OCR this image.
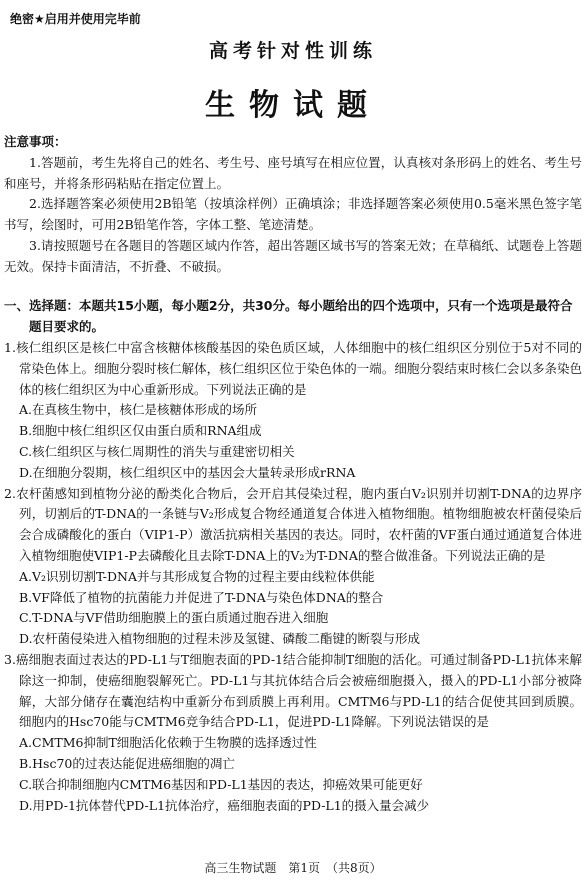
绝密★启用并使用完毕前
高考针对性训练
生物试题
注意事项：

1.答题前，考生先将自己的姓名、考生号、座号填写在相应位置，认真核对条形码上的姓名、考生号和座号，并将条形码粘贴在指定位置上。

2.选择题答案必须使用2B铅笔（按填涂样例）正确填涂；非选择题答案必须使用0.5毫米黑色签字笔书写，绘图时，可用2B铅笔作答，字体工整、笔迹清楚。

3.请按照题号在各题目的答题区域内作答，超出答题区域书写的答案无效；在草稿纸、试题卷上答题无效。保持卡面清洁，不折叠、不破损。

一、选择题：本题共15小题，每小题2分，共30分。每小题给出的四个选项中，只有一个选项是最符合题目要求的。

1.核仁组织区是核仁中富含核糖体核酸基因的染色质区域，人体细胞中的核仁组织区分别位于5对不同的常染色体上。细胞分裂时核仁解体，核仁组织区位于染色体的一端。细胞分裂结束时核仁会以多条染色体的核仁组织区为中心重新形成。下列说法正确的是

A.在真核生物中，核仁是核糖体形成的场所

B.细胞中核仁组织区仅由蛋白质和RNA组成

C.核仁组织区与核仁周期性的消失与重建密切相关

D.在细胞分裂期，核仁组织区中的基因会大量转录形成rRNA

2.农杆菌感知到植物分泌的酚类化合物后，会开启其侵染过程，胞内蛋白V₂识别并切割T-DNA的边界序列，切割后的T-DNA的一条链与V₂形成复合物经通道复合体进入植物细胞。植物细胞被农杆菌侵染后会合成磷酸化的蛋白（VIP1-P）激活抗病相关基因的表达。同时，农杆菌的VF蛋白通过通道复合体进入植物细胞使VIP1-P去磷酸化且去除T-DNA上的V₂为T-DNA的整合做准备。下列说法正确的是

A.V₂识别切割T-DNA并与其形成复合物的过程主要由线粒体供能

B.VF降低了植物的抗菌能力并促进了T-DNA与染色体DNA的整合

C.T-DNA与VF借助细胞膜上的蛋白质通过胞吞进入细胞

D.农杆菌侵染进入植物细胞的过程未涉及氢键、磷酸二酯键的断裂与形成

3.癌细胞表面过表达的PD-L1与T细胞表面的PD-1结合能抑制T细胞的活化。可通过制备PD-L1抗体来解除这一抑制，使癌细胞裂解死亡。PD-L1与其抗体结合后会被癌细胞摄入，摄入的PD-L1小部分被降解，大部分储存在囊泡结构中重新分布到质膜上再利用。CMTM6与PD-L1的结合促使其回到质膜。细胞内的Hsc70能与CMTM6竞争结合PD-L1，促进PD-L1降解。下列说法错误的是

A.CMTM6抑制T细胞活化依赖于生物膜的选择透过性

B.Hsc70的过表达能促进癌细胞的凋亡

C.联合抑制细胞内CMTM6基因和PD-L1基因的表达，抑癌效果可能更好

D.用PD-1抗体替代PD-L1抗体治疗，癌细胞表面的PD-L1的摄入量会减少

高三生物试题　第1页　（共8页）
